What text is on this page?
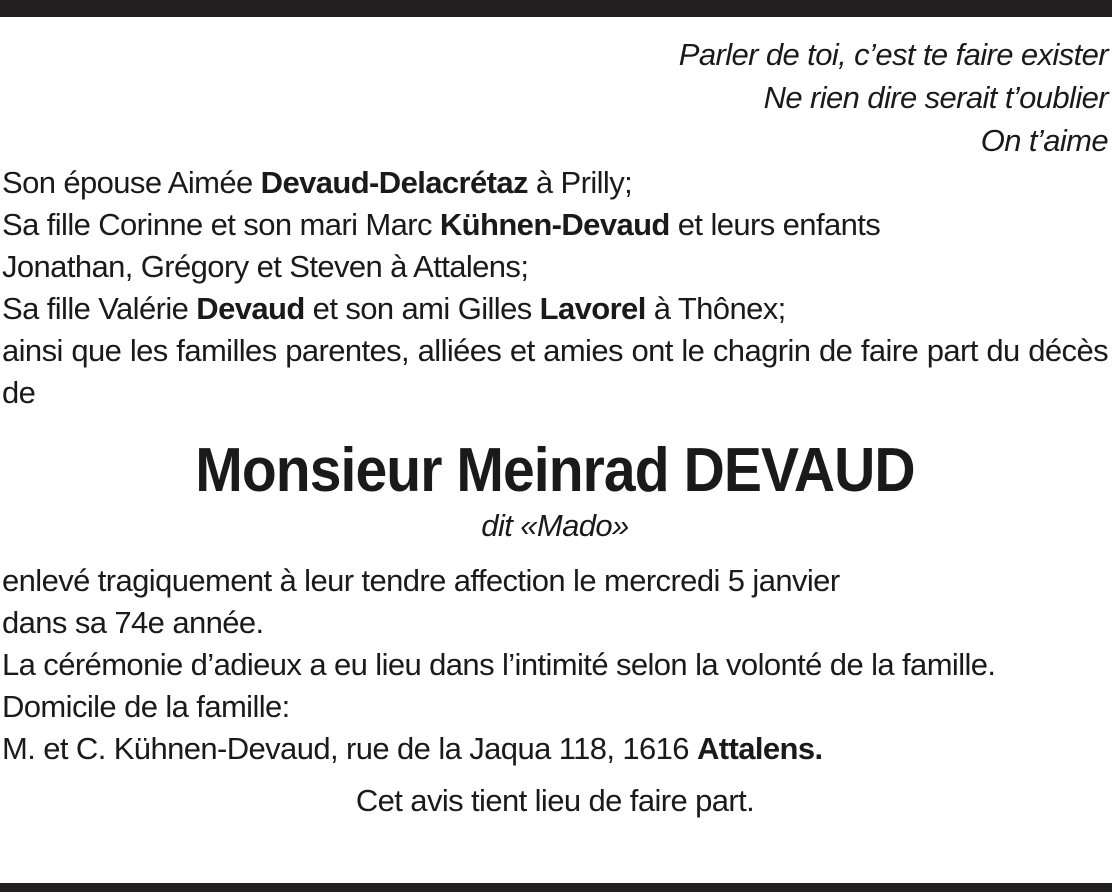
Parler de toi, c’est te faire exister
Ne rien dire serait t’oublier
On t’aime
Son épouse Aimée Devaud-Delacrétaz à Prilly;
Sa fille Corinne et son mari Marc Kühnen-Devaud et leurs enfants
Jonathan, Grégory et Steven à Attalens;
Sa fille Valérie Devaud et son ami Gilles Lavorel à Thônex;
ainsi que les familles parentes, alliées et amies ont le chagrin de faire part du décès de
Monsieur Meinrad DEVAUD
dit «Mado»
enlevé tragiquement à leur tendre affection le mercredi 5 janvier
dans sa 74e année.
La cérémonie d’adieux a eu lieu dans l’intimité selon la volonté de la famille.
Domicile de la famille:
M. et C. Kühnen-Devaud, rue de la Jaqua 118, 1616 Attalens.
Cet avis tient lieu de faire part.
